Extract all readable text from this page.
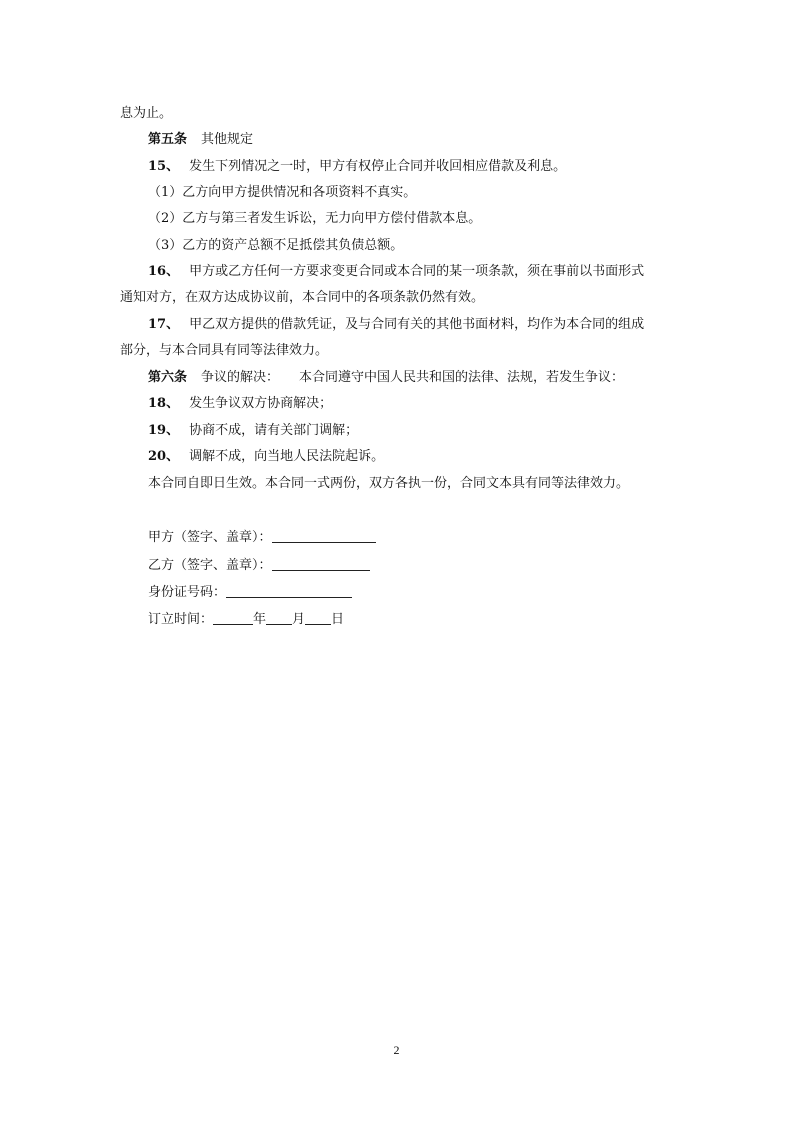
息为止。
第五条 其他规定
15、 发生下列情况之一时，甲方有权停止合同并收回相应借款及利息。
（1）乙方向甲方提供情况和各项资料不真实。
（2）乙方与第三者发生诉讼，无力向甲方偿付借款本息。
（3）乙方的资产总额不足抵偿其负债总额。
16、 甲方或乙方任何一方要求变更合同或本合同的某一项条款，须在事前以书面形式
通知对方，在双方达成协议前，本合同中的各项条款仍然有效。
17、 甲乙双方提供的借款凭证，及与合同有关的其他书面材料，均作为本合同的组成
部分，与本合同具有同等法律效力。
第六条 争议的解决： 本合同遵守中国人民共和国的法律、法规，若发生争议：
18、 发生争议双方协商解决；
19、 协商不成，请有关部门调解；
20、 调解不成，向当地人民法院起诉。
本合同自即日生效。本合同一式两份，双方各执一份，合同文本具有同等法律效力。
甲方（签字、盖章）：
乙方（签字、盖章）：
身份证号码：
订立时间：	年 月 日
2
